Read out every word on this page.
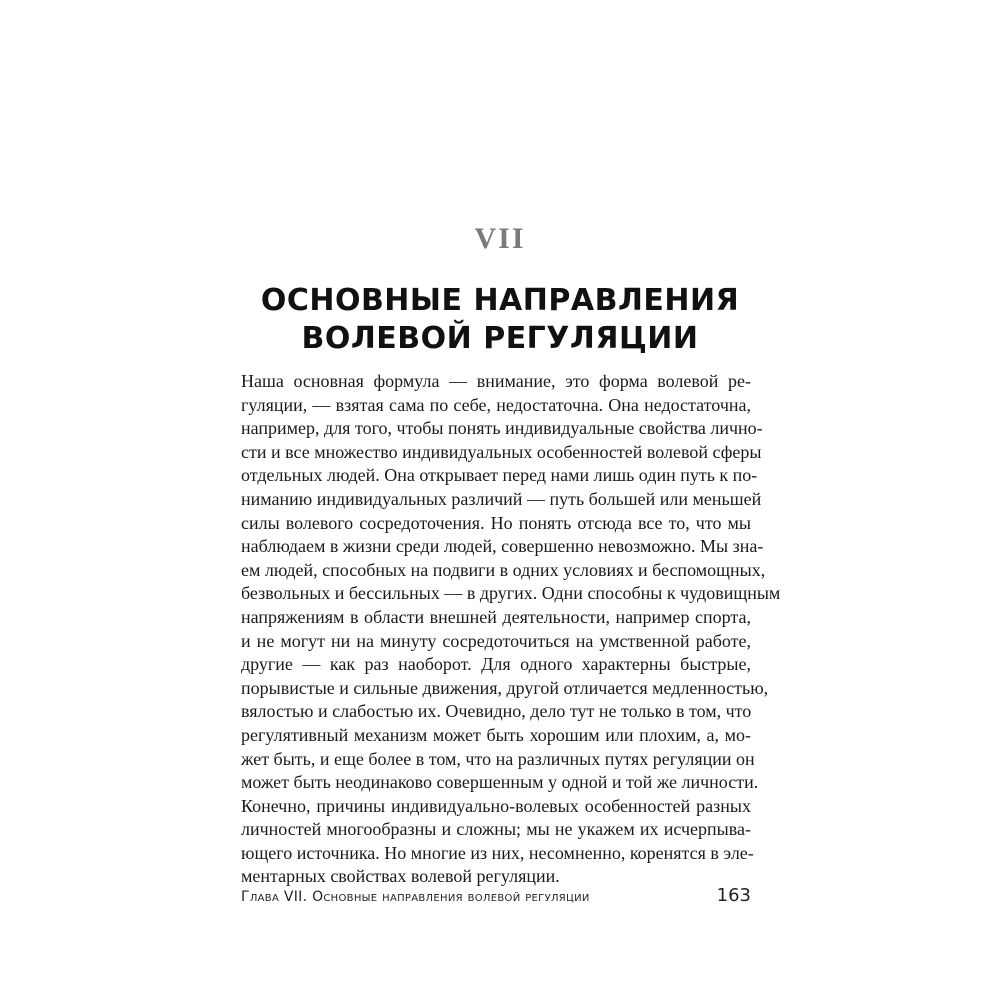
VII
ОСНОВНЫЕ НАПРАВЛЕНИЯ
ВОЛЕВОЙ РЕГУЛЯЦИИ
Наша основная формула — внимание, это форма волевой ре-
гуляции, — взятая сама по себе, недостаточна. Она недостаточна,
например, для того, чтобы понять индивидуальные свойства лично-
сти и все множество индивидуальных особенностей волевой сферы
отдельных людей. Она открывает перед нами лишь один путь к по-
ниманию индивидуальных различий — путь большей или меньшей
силы волевого сосредоточения. Но понять отсюда все то, что мы
наблюдаем в жизни среди людей, совершенно невозможно. Мы зна-
ем людей, способных на подвиги в одних условиях и беспомощных,
безвольных и бессильных — в других. Одни способны к чудовищным
напряжениям в области внешней деятельности, например спорта,
и не могут ни на минуту сосредоточиться на умственной работе,
другие — как раз наоборот. Для одного характерны быстрые,
порывистые и сильные движения, другой отличается медленностью,
вялостью и слабостью их. Очевидно, дело тут не только в том, что
регулятивный механизм может быть хорошим или плохим, а, мо-
жет быть, и еще более в том, что на различных путях регуляции он
может быть неодинаково совершенным у одной и той же личности.
Конечно, причины индивидуально-волевых особенностей разных
личностей многообразны и сложны; мы не укажем их исчерпыва-
ющего источника. Но многие из них, несомненно, коренятся в эле-
ментарных свойствах волевой регуляции.
Глава VII. Основные направления волевой регуляции	163
